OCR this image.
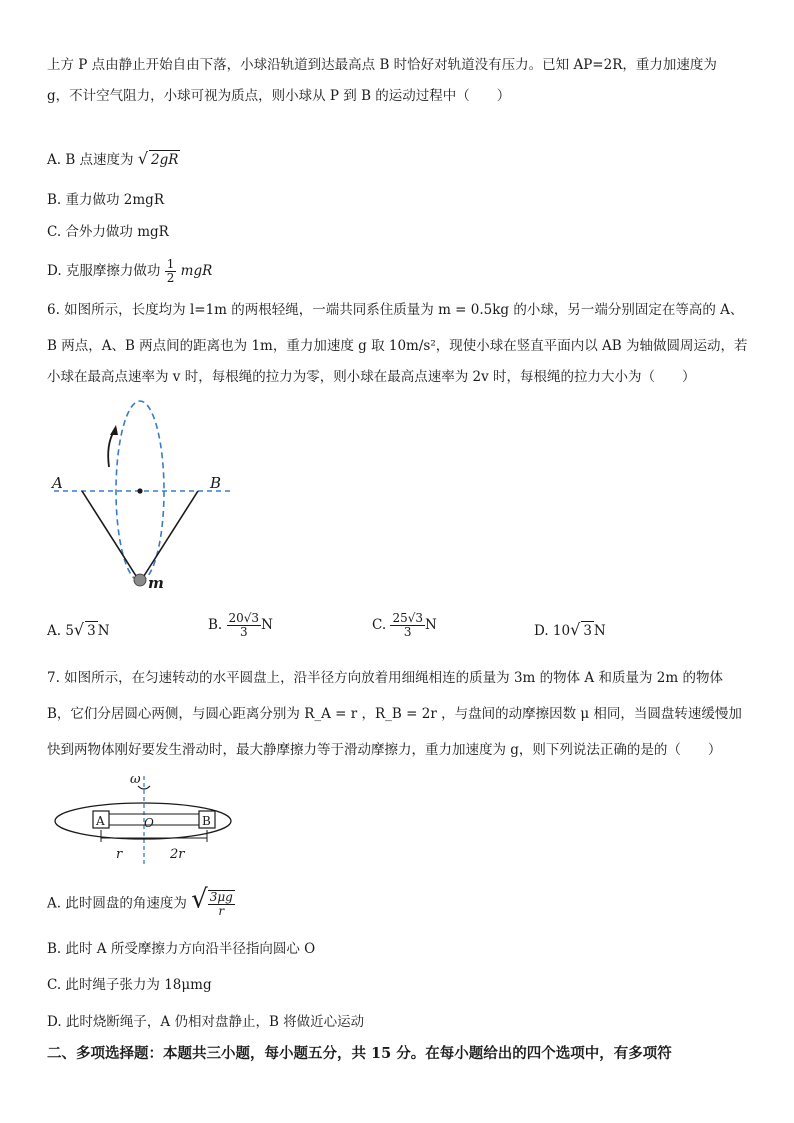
上方 P 点由静止开始自由下落，小球沿轨道到达最高点 B 时恰好对轨道没有压力。已知 AP=2R，重力加速度为
g，不计空气阻力，小球可视为质点，则小球从 P 到 B 的运动过程中（　　）
A. B 点速度为 √ 2gR
B. 重力做功 2mgR
C. 合外力做功 mgR
D. 克服摩擦力做功 $\frac{1}{2}$ mgR
6. 如图所示，长度均为 l=1m 的两根轻绳，一端共同系住质量为 m = 0.5kg 的小球，另一端分别固定在等高的 A、
B 两点，A、B 两点间的距离也为 1m，重力加速度 g 取 10m/s²，现使小球在竖直平面内以 AB 为轴做圆周运动，若
小球在最高点速率为 v 时，每根绳的拉力为零，则小球在最高点速率为 2v 时，每根绳的拉力大小为（　　）
A	B
m
A. 5√ 3 N	B. $\frac{20√3}{3}$ N	C. $\frac{25√3}{3}$ N	D. 10√ 3 N
7. 如图所示，在匀速转动的水平圆盘上，沿半径方向放着用细绳相连的质量为 3m 的物体 A 和质量为 2m 的物体
B，它们分居圆心两侧，与圆心距离分别为 R_A = r ，R_B = 2r ，与盘间的动摩擦因数 μ 相同，当圆盘转速缓慢加
快到两物体刚好要发生滑动时，最大静摩擦力等于滑动摩擦力，重力加速度为 g，则下列说法正确的是的（　　）
ω
A	B
O
r	2r
A. 此时圆盘的角速度为 √ $\frac{3\mu g}{r}$
B. 此时 A 所受摩擦力方向沿半径指向圆心 O
C. 此时绳子张力为 18μmg
D. 此时烧断绳子，A 仍相对盘静止，B 将做近心运动
二、多项选择题：本题共三小题，每小题五分，共 15 分。在每小题给出的四个选项中，有多项符
